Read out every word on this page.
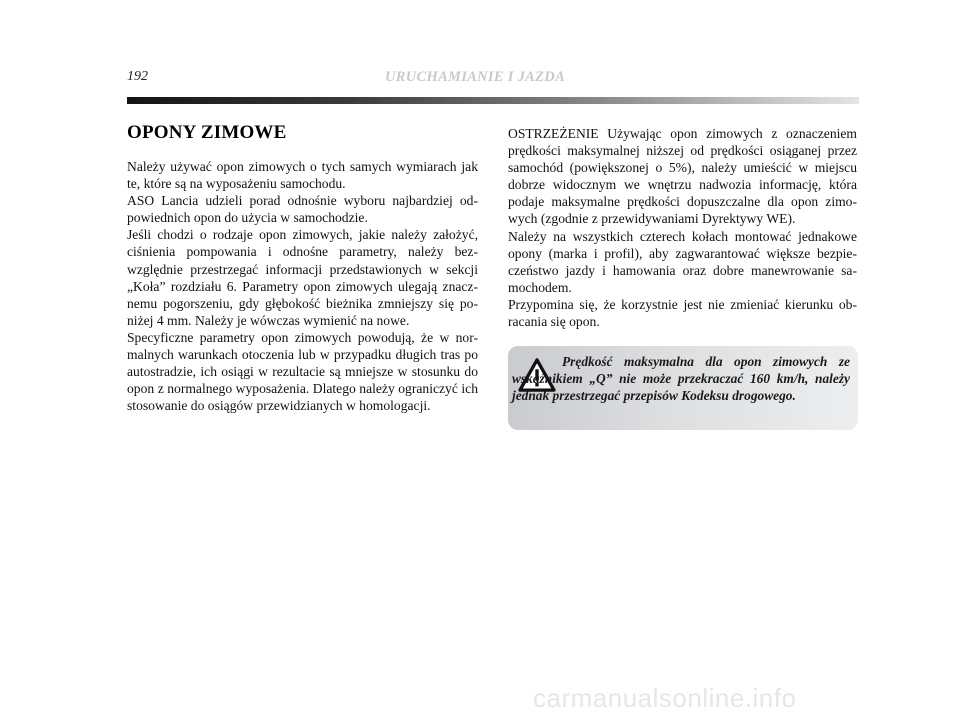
192	URUCHAMIANIE I JAZDA
OPONY ZIMOWE

Należy używać opon zimowych o tych samych wymiarach jak te, które są na wyposażeniu samochodu.

ASO Lancia udzieli porad odnośnie wyboru najbardziej od-powiednich opon do użycia w samochodzie.

Jeśli chodzi o rodzaje opon zimowych, jakie należy założyć, ciśnienia pompowania i odnośne parametry, należy bez-względnie przestrzegać informacji przedstawionych w sekcji „Koła” rozdziału 6. Parametry opon zimowych ulegają znacz-nemu pogorszeniu, gdy głębokość bieżnika zmniejszy się po-niżej 4 mm. Należy je wówczas wymienić na nowe.

Specyficzne parametry opon zimowych powodują, że w nor-malnych warunkach otoczenia lub w przypadku długich tras po autostradzie, ich osiągi w rezultacie są mniejsze w stosunku do opon z normalnego wyposażenia. Dlatego należy ograniczyć ich stosowanie do osiągów przewidzianych w homologacji.

OSTRZEŻENIE Używając opon zimowych z oznaczeniem prędkości maksymalnej niższej od prędkości osiąganej przez samochód (powiększonej o 5%), należy umieścić w miejscu dobrze widocznym we wnętrzu nadwozia informację, która podaje maksymalne prędkości dopuszczalne dla opon zimo-wych (zgodnie z przewidywaniami Dyrektywy WE).

Należy na wszystkich czterech kołach montować jednakowe opony (marka i profil), aby zagwarantować większe bezpie-czeństwo jazdy i hamowania oraz dobre manewrowanie sa-mochodem.

Przypomina się, że korzystnie jest nie zmieniać kierunku ob-racania się opon.

Prędkość maksymalna dla opon zimowych ze wskaźnikiem „Q” nie może przekraczać 160 km/h, należy jednak przestrzegać przepisów Kodeksu drogowego.

carmanualsonline.info
